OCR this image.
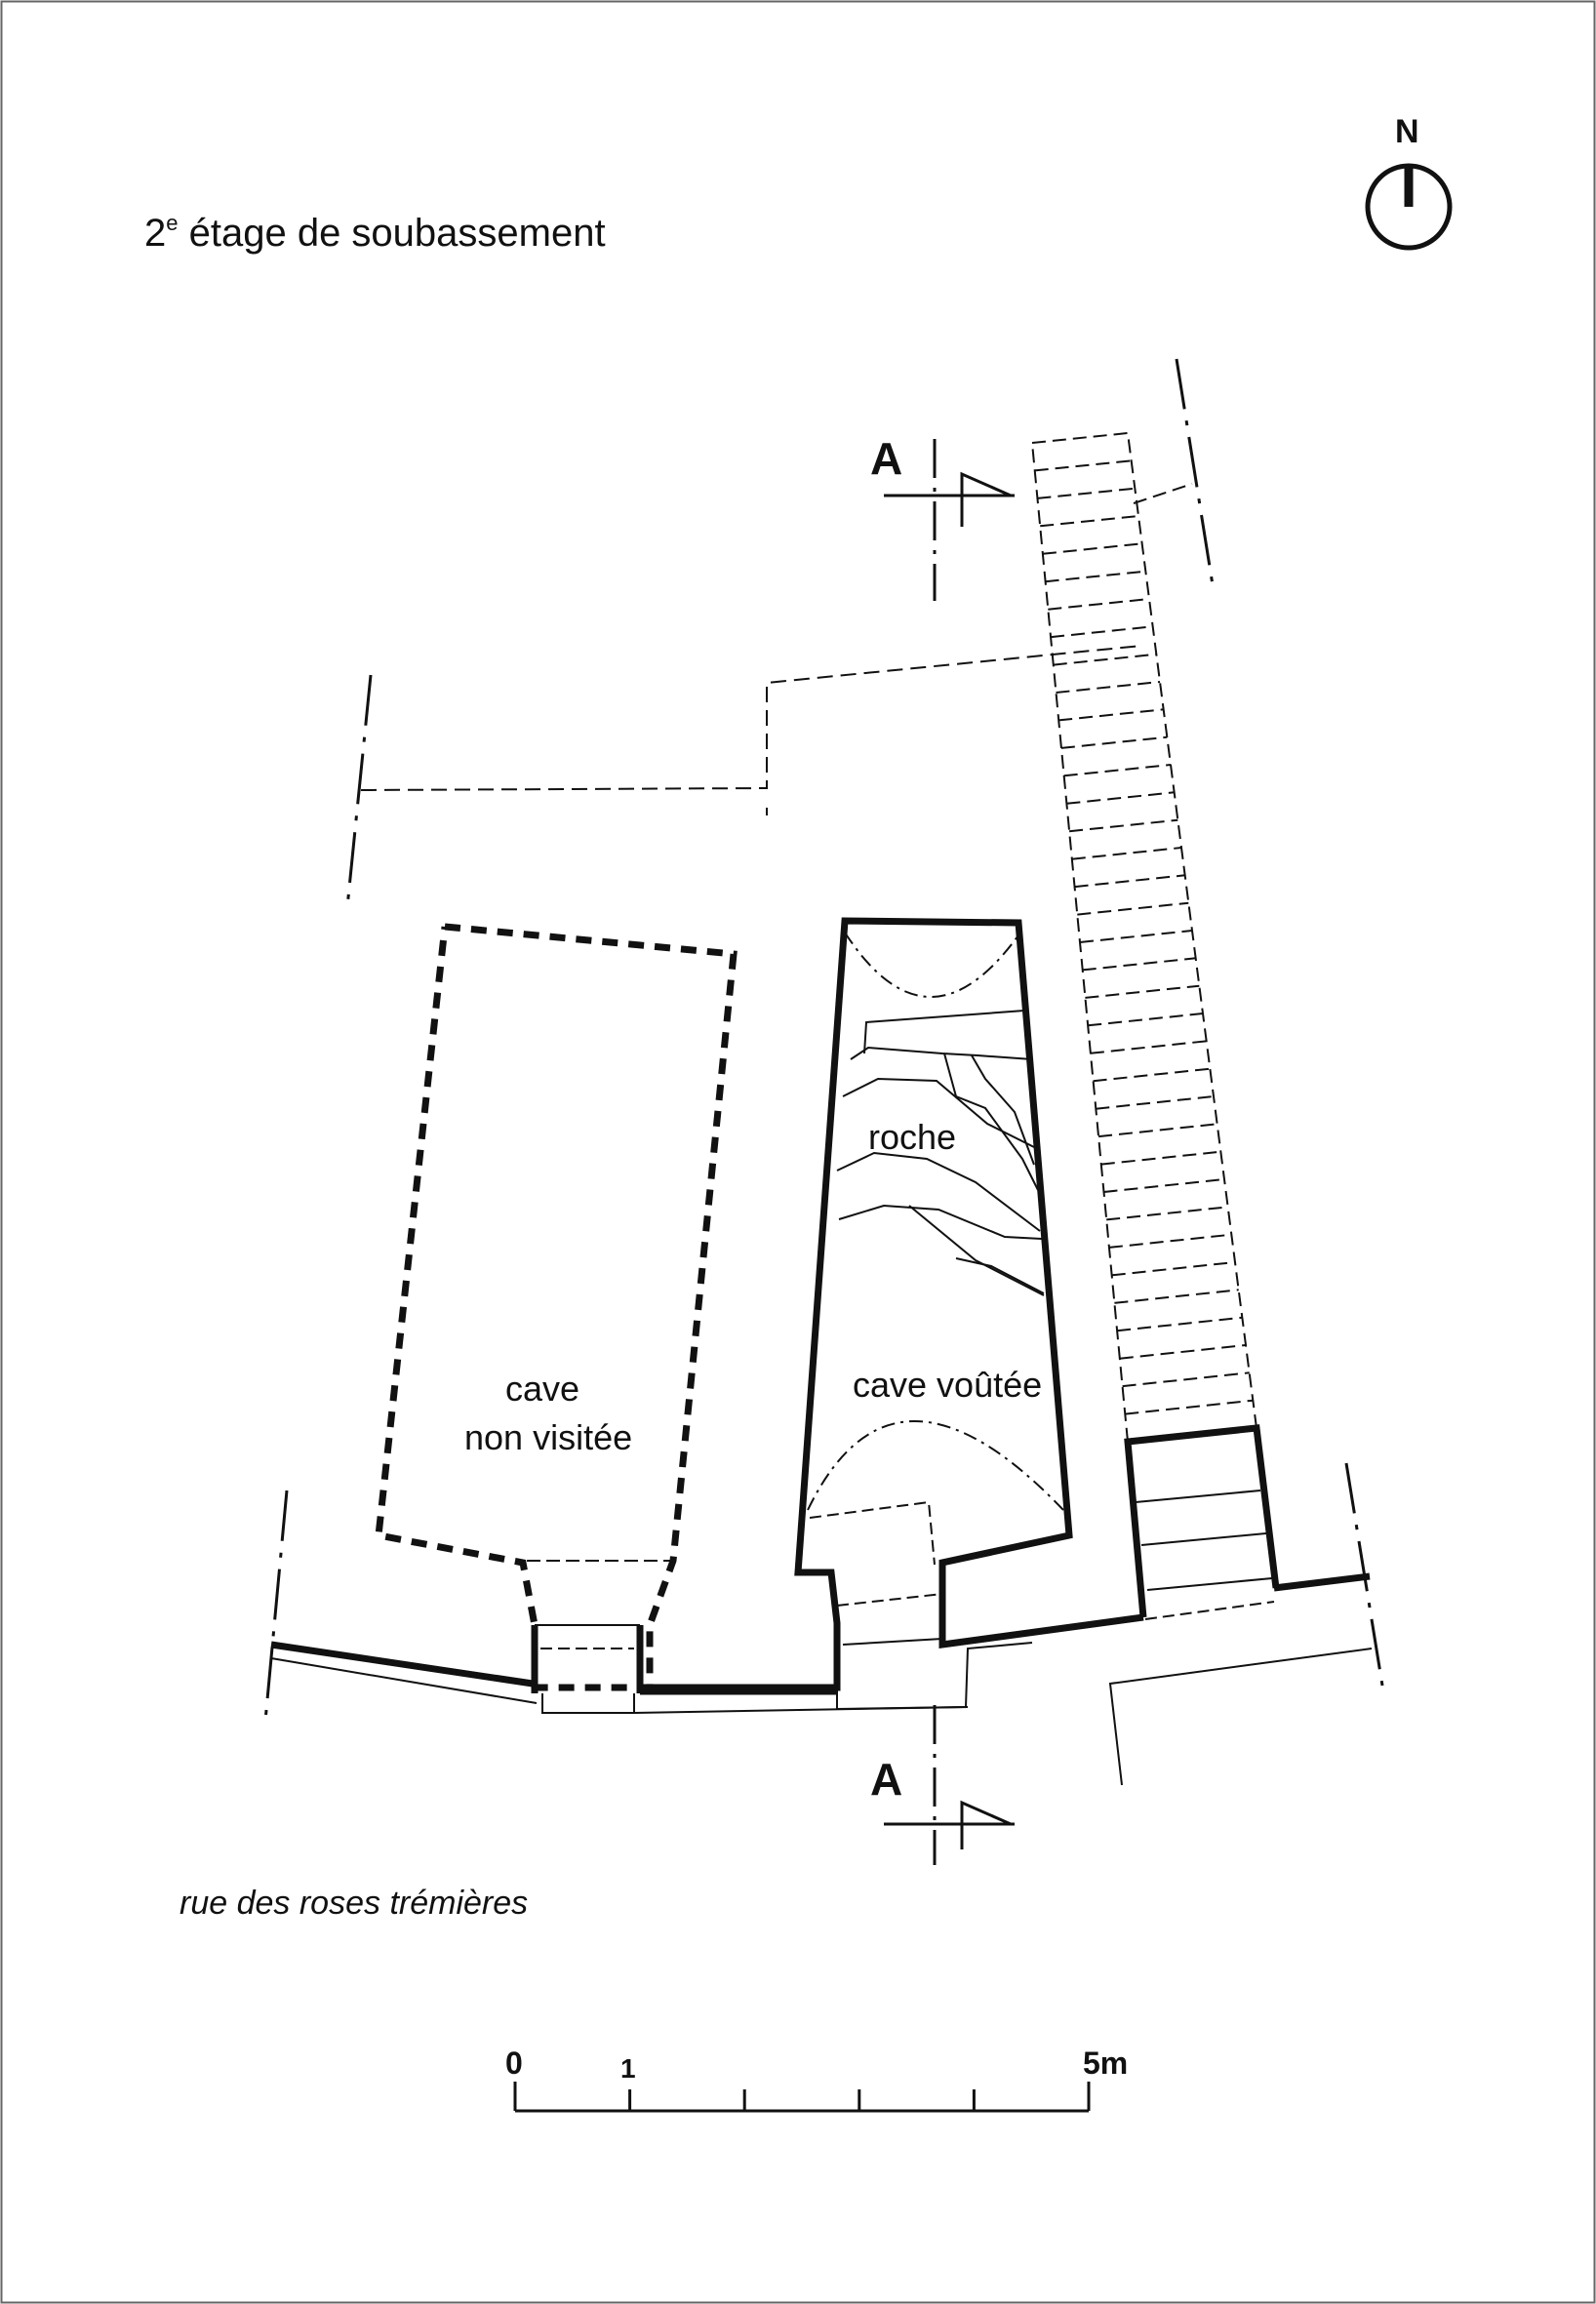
2e étage de soubassement
N
A
A
roche
cave voûtée
cave
non visitée
rue des roses trémières
0	1	5m
